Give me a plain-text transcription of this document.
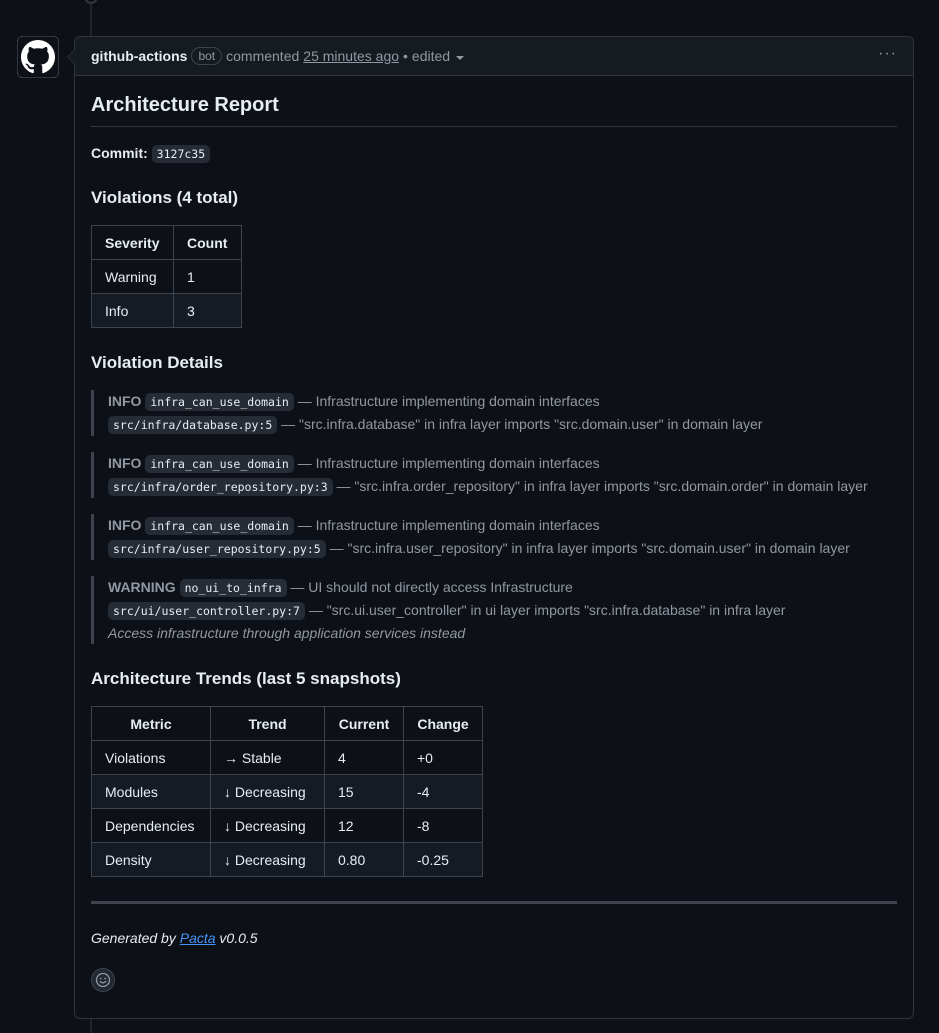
github-actions bot commented 25 minutes ago • edited	···
Architecture Report
Commit: 3127c35
Violations (4 total)
Severity	Count
Warning	1
Info	3
Violation Details
INFO infra_can_use_domain — Infrastructure implementing domain interfaces
src/infra/database.py:5 — "src.infra.database" in infra layer imports "src.domain.user" in domain layer
INFO infra_can_use_domain — Infrastructure implementing domain interfaces
src/infra/order_repository.py:3 — "src.infra.order_repository" in infra layer imports "src.domain.order" in domain layer
INFO infra_can_use_domain — Infrastructure implementing domain interfaces
src/infra/user_repository.py:5 — "src.infra.user_repository" in infra layer imports "src.domain.user" in domain layer
WARNING no_ui_to_infra — UI should not directly access Infrastructure
src/ui/user_controller.py:7 — "src.ui.user_controller" in ui layer imports "src.infra.database" in infra layer
Access infrastructure through application services instead
Architecture Trends (last 5 snapshots)
Metric	Trend	Current	Change
Violations	→ Stable	4	+0
Modules	↓ Decreasing	15	-4
Dependencies	↓ Decreasing	12	-8
Density	↓ Decreasing	0.80	-0.25
Generated by Pacta v0.0.5
